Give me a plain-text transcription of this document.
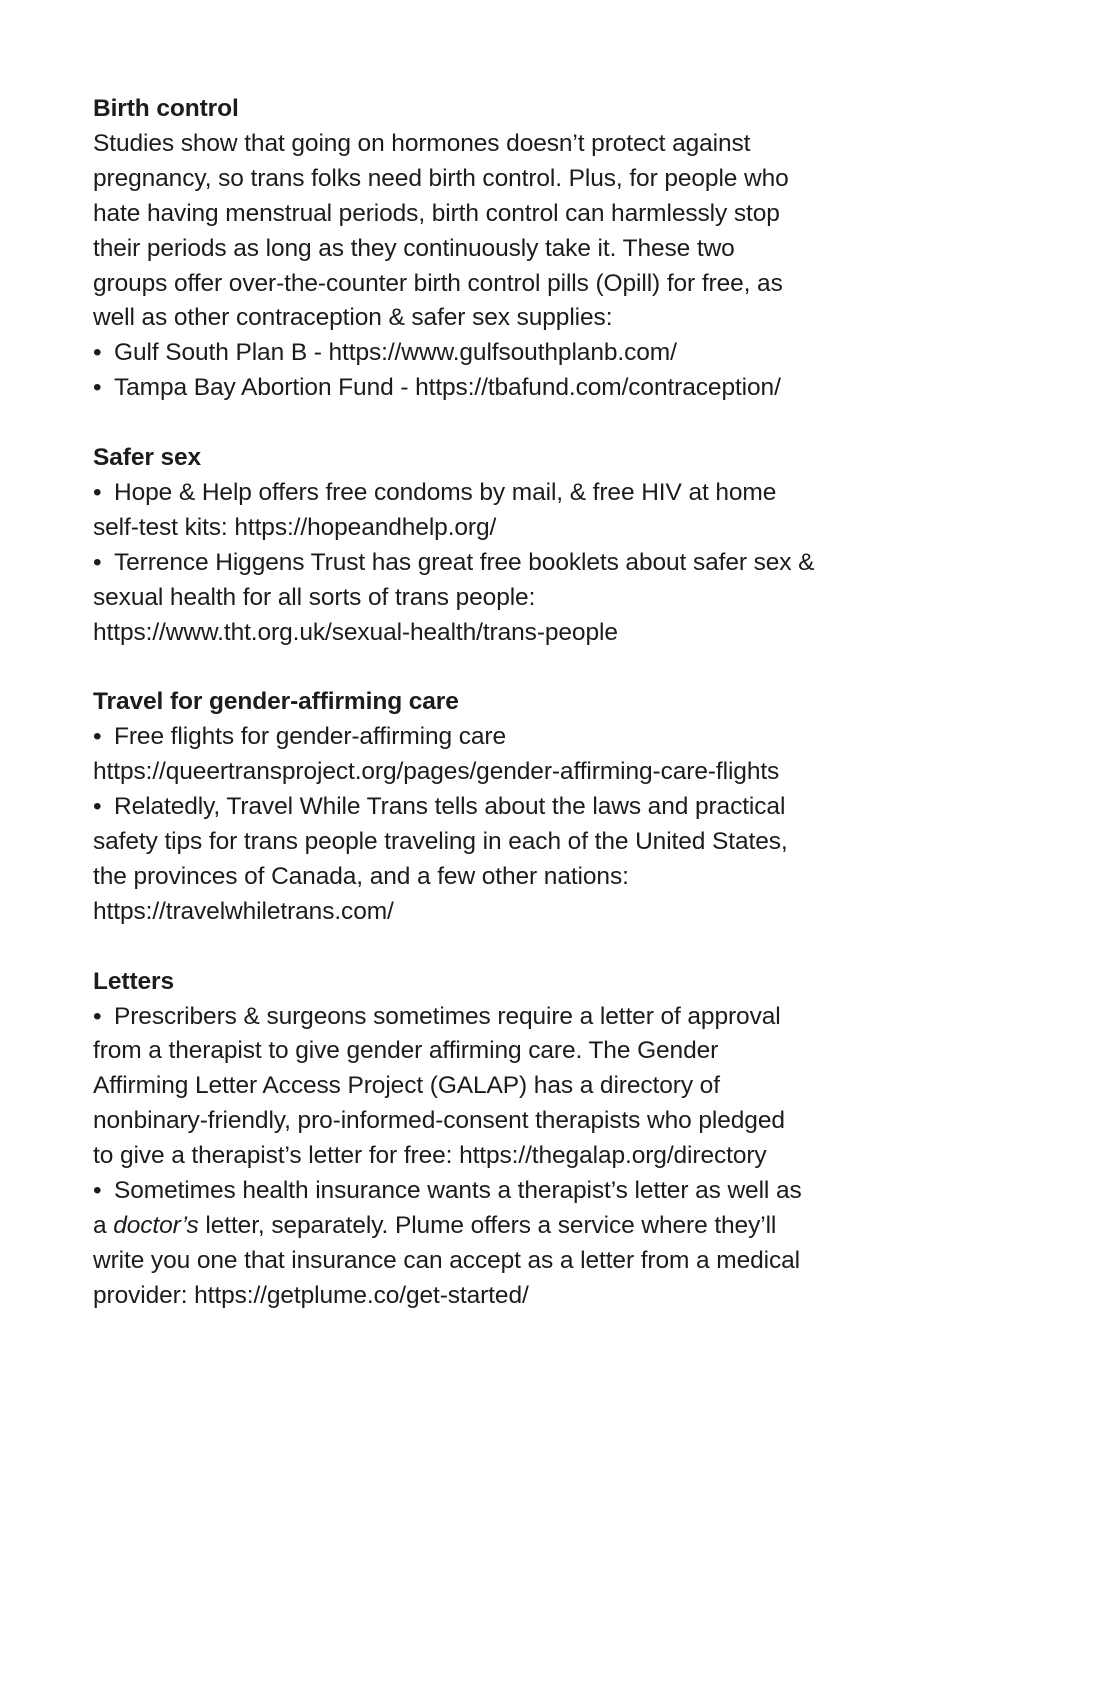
Birth control
Studies show that going on hormones doesn’t protect against
pregnancy, so trans folks need birth control. Plus, for people who
hate having menstrual periods, birth control can harmlessly stop
their periods as long as they continuously take it. These two
groups offer over-the-counter birth control pills (Opill) for free, as
well as other contraception & safer sex supplies:
• Gulf South Plan B - https://www.gulfsouthplanb.com/
• Tampa Bay Abortion Fund - https://tbafund.com/contraception/
Safer sex
• Hope & Help offers free condoms by mail, & free HIV at home
self-test kits: https://hopeandhelp.org/
• Terrence Higgens Trust has great free booklets about safer sex &
sexual health for all sorts of trans people:
https://www.tht.org.uk/sexual-health/trans-people
Travel for gender-affirming care
• Free flights for gender-affirming care
https://queertransproject.org/pages/gender-affirming-care-flights
• Relatedly, Travel While Trans tells about the laws and practical
safety tips for trans people traveling in each of the United States,
the provinces of Canada, and a few other nations:
https://travelwhiletrans.com/
Letters
• Prescribers & surgeons sometimes require a letter of approval
from a therapist to give gender affirming care. The Gender
Affirming Letter Access Project (GALAP) has a directory of
nonbinary-friendly, pro-informed-consent therapists who pledged
to give a therapist’s letter for free: https://thegalap.org/directory
• Sometimes health insurance wants a therapist’s letter as well as
a doctor’s letter, separately. Plume offers a service where they’ll
write you one that insurance can accept as a letter from a medical
provider: https://getplume.co/get-started/
